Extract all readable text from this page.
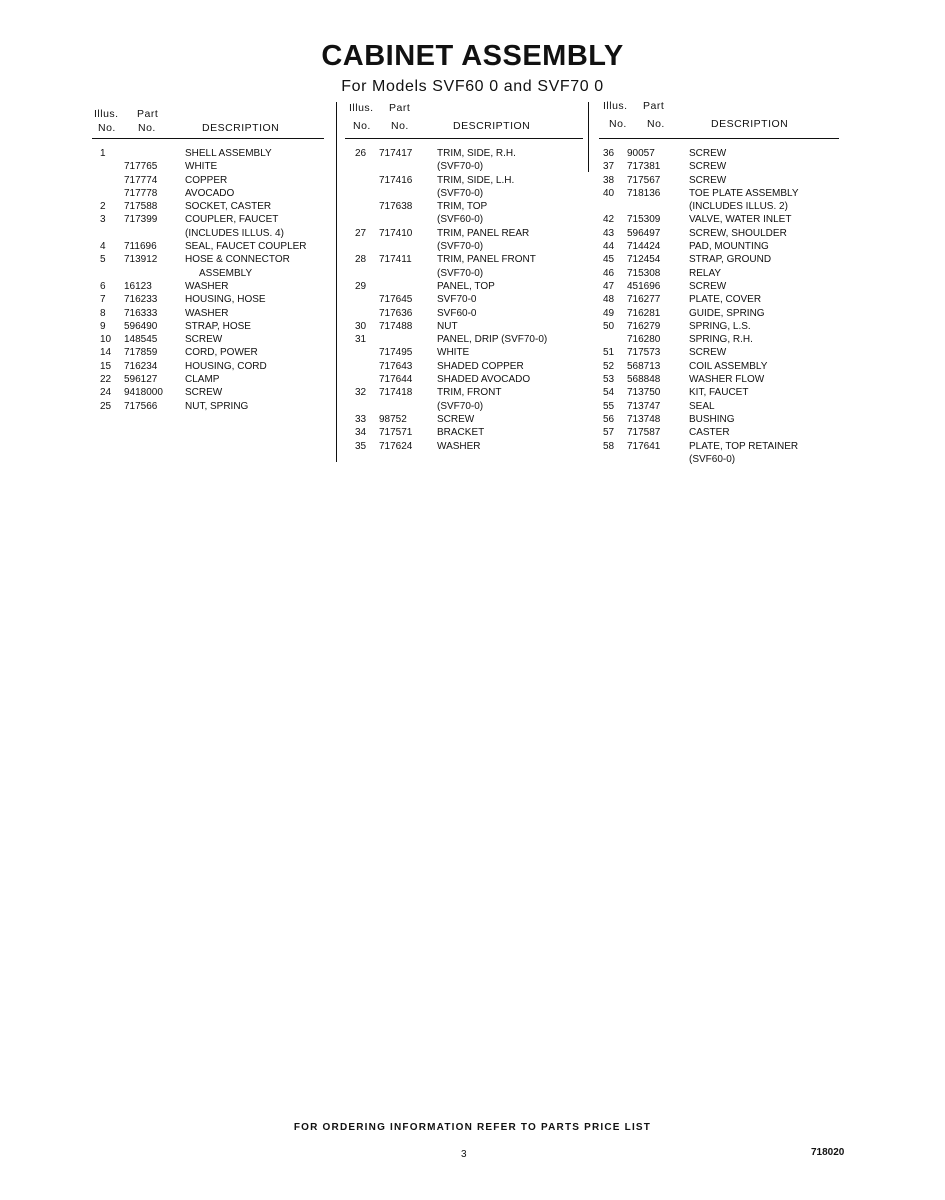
CABINET ASSEMBLY
For Models SVF60 0 and SVF70 0
Illus. Part
No. No.	DESCRIPTION
1	SHELL ASSEMBLY
717765	WHITE
717774	COPPER
717778	AVOCADO
2 717588	SOCKET, CASTER
3 717399	COUPLER, FAUCET
(INCLUDES ILLUS. 4)
4 711696	SEAL, FAUCET COUPLER
5 713912	HOSE & CONNECTOR
ASSEMBLY
6 16123	WASHER
7 716233	HOUSING, HOSE
8 716333	WASHER
9 596490	STRAP, HOSE
10 148545	SCREW
14 717859	CORD, POWER
15 716234	HOUSING, CORD
22 596127	CLAMP
24 9418000 SCREW
25 717566	NUT, SPRING
Illus. Part
No. No.	DESCRIPTION
26 717417 TRIM, SIDE, R.H.
(SVF70-0)
717416 TRIM, SIDE, L.H.
(SVF70-0)
717638 TRIM, TOP
(SVF60-0)
27 717410 TRIM, PANEL REAR
(SVF70-0)
28 717411	TRIM, PANEL FRONT
(SVF70-0)
29	PANEL, TOP
717645 SVF70-0
717636 SVF60-0
30 717488 NUT
31	PANEL, DRIP (SVF70-0)
717495 WHITE
717643 SHADED COPPER
717644 SHADED AVOCADO
32 717418 TRIM, FRONT
(SVF70-0)
33 98752	SCREW
34 717571 BRACKET
35 717624 WASHER
Illus. Part
No. No.	DESCRIPTION
36 90057	SCREW
37 717381	SCREW
38 717567	SCREW
40 718136	TOE PLATE ASSEMBLY
(INCLUDES ILLUS. 2)
42 715309	VALVE, WATER INLET
43 596497	SCREW, SHOULDER
44 714424	PAD, MOUNTING
45 712454	STRAP, GROUND
46 715308	RELAY
47 451696	SCREW
48 716277	PLATE, COVER
49 716281	GUIDE, SPRING
50 716279	SPRING, L.S.
716280	SPRING, R.H.
51 717573	SCREW
52 568713	COIL ASSEMBLY
53 568848	WASHER FLOW
54 713750	KIT, FAUCET
55 713747	SEAL
56 713748	BUSHING
57 717587	CASTER
58 717641	PLATE, TOP RETAINER
(SVF60-0)
FOR ORDERING INFORMATION REFER TO PARTS PRICE LIST
3	718020
